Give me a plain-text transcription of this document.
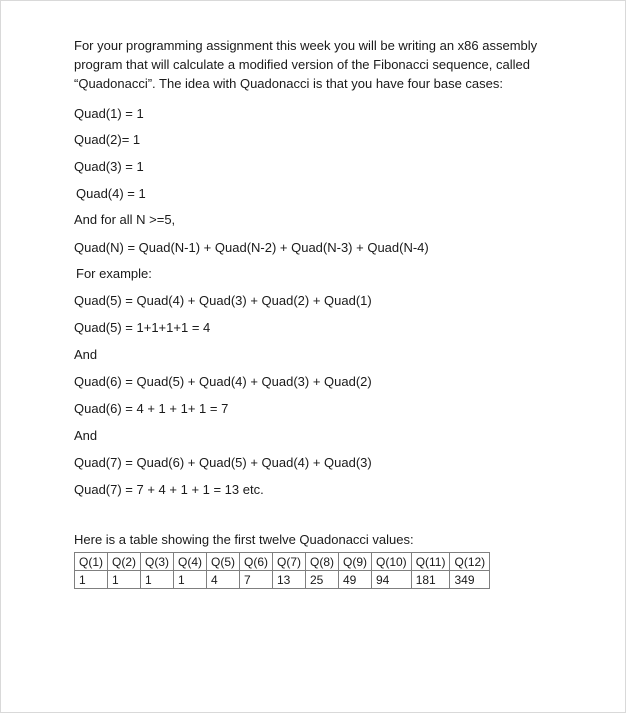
For your programming assignment this week you will be writing an x86 assembly program that will calculate a modified version of the Fibonacci sequence, called “Quadonacci”. The idea with Quadonacci is that you have four base cases:

Quad(1) = 1
Quad(2)= 1
Quad(3) = 1
Quad(4) = 1
And for all N >=5,
Quad(N) = Quad(N-1) + Quad(N-2) + Quad(N-3) + Quad(N-4)
For example:
Quad(5) = Quad(4) + Quad(3) + Quad(2) + Quad(1)
Quad(5) = 1+1+1+1 = 4
And
Quad(6) = Quad(5) + Quad(4) + Quad(3) + Quad(2)
Quad(6) = 4 + 1 + 1+ 1 = 7
And
Quad(7) = Quad(6) + Quad(5) + Quad(4) + Quad(3)
Quad(7) = 7 + 4 + 1 + 1 = 13 etc.
Here is a table showing the first twelve Quadonacci values:
Q(1)	Q(2)	Q(3)	Q(4)	Q(5)	Q(6)	Q(7)	Q(8)	Q(9)	Q(10)	Q(11)	Q(12)
1	1	1	1	4	7	13	25	49	94	181	349
